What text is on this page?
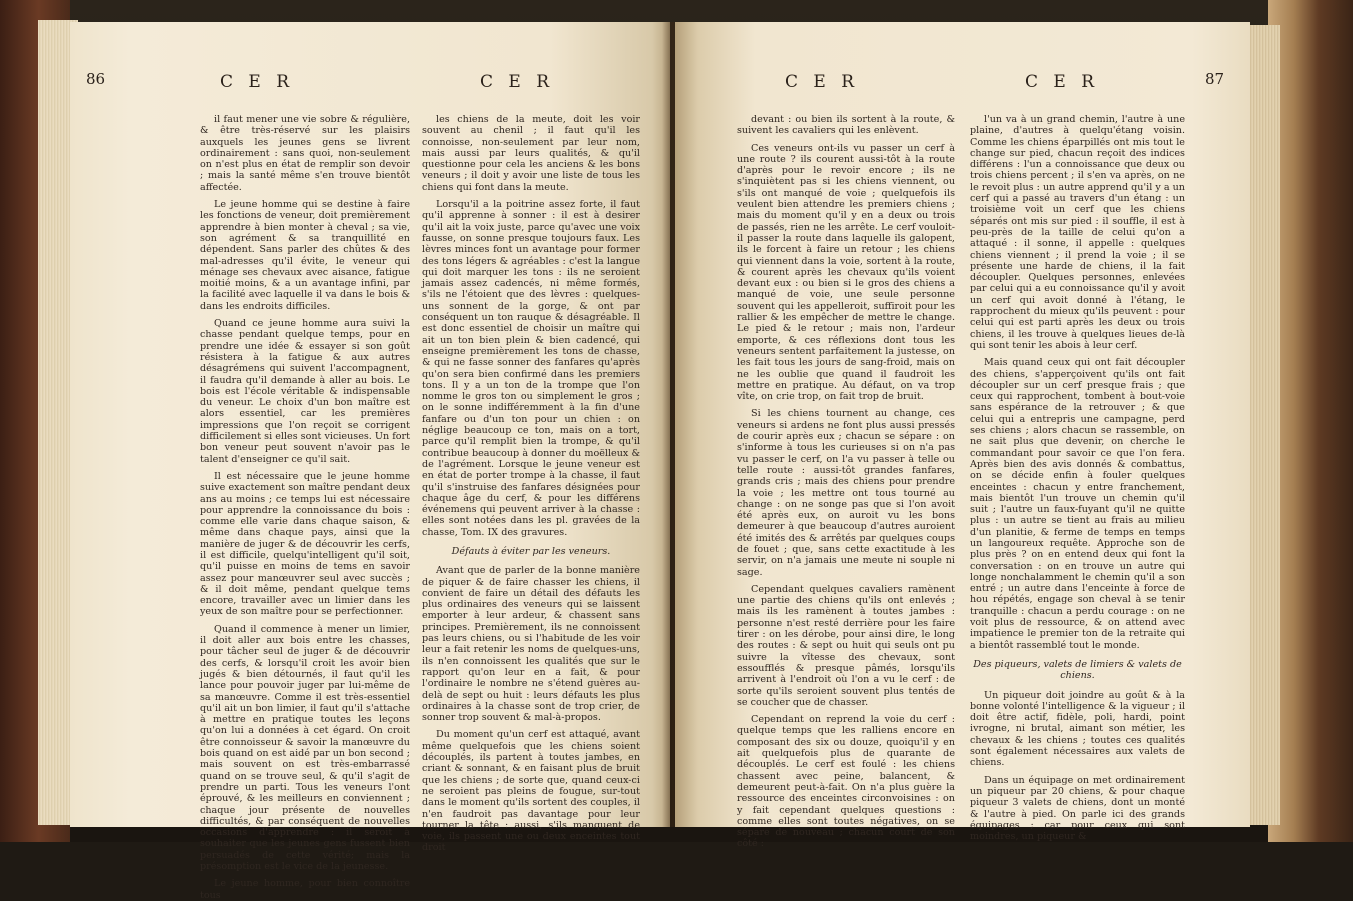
86	C E R	C E R

il faut mener une vie sobre & régulière, & être très-réservé sur les plaisirs auxquels les jeunes gens se livrent ordinairement : sans quoi, non-seulement on n'est plus en état de remplir son devoir ; mais la santé même s'en trouve bientôt affectée.

Le jeune homme qui se destine à faire les fonctions de veneur, doit premièrement apprendre à bien monter à cheval ; sa vie, son agrément & sa tranquillité en dépendent. Sans parler des chûtes & des mal-adresses qu'il évite, le veneur qui ménage ses chevaux avec aisance, fatigue moitié moins, & a un avantage infini, par la facilité avec laquelle il va dans le bois & dans les endroits difficiles.

Quand ce jeune homme aura suivi la chasse pendant quelque temps, pour en prendre une idée & essayer si son goût résistera à la fatigue & aux autres désagrémens qui suivent l'accompagnent, il faudra qu'il demande à aller au bois. Le bois est l'école véritable & indispensable du veneur. Le choix d'un bon maître est alors essentiel, car les premières impressions que l'on reçoit se corrigent difficilement si elles sont vicieuses. Un fort bon veneur peut souvent n'avoir pas le talent d'enseigner ce qu'il sait.

Il est nécessaire que le jeune homme suive exactement son maître pendant deux ans au moins ; ce temps lui est nécessaire pour apprendre la connoissance du bois : comme elle varie dans chaque saison, & même dans chaque pays, ainsi que la manière de juger & de découvrir les cerfs, il est difficile, quelqu'intelligent qu'il soit, qu'il puisse en moins de tems en savoir assez pour manœuvrer seul avec succès ; & il doit même, pendant quelque tems encore, travailler avec un limier dans les yeux de son maître pour se perfectionner.

Quand il commence à mener un limier, il doit aller aux bois entre les chasses, pour tâcher seul de juger & de découvrir des cerfs, & lorsqu'il croit les avoir bien jugés & bien détournés, il faut qu'il les lance pour pouvoir juger par lui-même de sa manœuvre. Comme il est très-essentiel qu'il ait un bon limier, il faut qu'il s'attache à mettre en pratique toutes les leçons qu'on lui a données à cet égard. On croit être connoisseur & savoir la manœuvre du bois quand on est aidé par un bon second ; mais souvent on est très-embarrassé quand on se trouve seul, & qu'il s'agit de prendre un parti. Tous les veneurs l'ont éprouvé, & les meilleurs en conviennent ; chaque jour présente de nouvelles difficultés, & par conséquent de nouvelles occasions d'apprendre : il seroit à souhaiter que les jeunes gens fussent bien persuadés de cette vérité; mais la présomption est le vice de la jeunesse.

Le jeune homme, pour bien connoître tous

les chiens de la meute, doit les voir souvent au chenil ; il faut qu'il les connoisse, non-seulement par leur nom, mais aussi par leurs qualités, & qu'il questionne pour cela les anciens & les bons veneurs ; il doit y avoir une liste de tous les chiens qui font dans la meute.

Lorsqu'il a la poitrine assez forte, il faut qu'il apprenne à sonner : il est à desirer qu'il ait la voix juste, parce qu'avec une voix fausse, on sonne presque toujours faux. Les lèvres minces font un avantage pour former des tons légers & agréables : c'est la langue qui doit marquer les tons : ils ne seroient jamais assez cadencés, ni même formés, s'ils ne l'étoient que des lèvres : quelques-uns sonnent de la gorge, & ont par conséquent un ton rauque & désagréable. Il est donc essentiel de choisir un maître qui ait un ton bien plein & bien cadencé, qui enseigne premièrement les tons de chasse, & qui ne fasse sonner des fanfares qu'après qu'on sera bien confirmé dans les premiers tons. Il y a un ton de la trompe que l'on nomme le gros ton ou simplement le gros ; on le sonne indifféremment à la fin d'une fanfare ou d'un ton pour un chien : on néglige beaucoup ce ton, mais on a tort, parce qu'il remplit bien la trompe, & qu'il contribue beaucoup à donner du moëlleux & de l'agrément. Lorsque le jeune veneur est en état de porter trompe à la chasse, il faut qu'il s'instruise des fanfares désignées pour chaque âge du cerf, & pour les différens événemens qui peuvent arriver à la chasse : elles sont notées dans les pl. gravées de la chasse, Tom. IX des gravures.

Défauts à éviter par les veneurs.

Avant que de parler de la bonne manière de piquer & de faire chasser les chiens, il convient de faire un détail des défauts les plus ordinaires des veneurs qui se laissent emporter à leur ardeur, & chassent sans principes. Premièrement, ils ne connoissent pas leurs chiens, ou si l'habitude de les voir leur a fait retenir les noms de quelques-uns, ils n'en connoissent les qualités que sur le rapport qu'on leur en a fait, & pour l'ordinaire le nombre ne s'étend guères au-delà de sept ou huit : leurs défauts les plus ordinaires à la chasse sont de trop crier, de sonner trop souvent & mal-à-propos.

Du moment qu'un cerf est attaqué, avant même quelquefois que les chiens soient découplés, ils partent à toutes jambes, en criant & sonnant, & en faisant plus de bruit que les chiens ; de sorte que, quand ceux-ci ne seroient pas pleins de fougue, sur-tout dans le moment qu'ils sortent des couples, il n'en faudroit pas davantage pour leur tourner la tête : aussi, s'ils manquent de voie, ils passent une ou deux enceintes tout droit

C E R	C E R	87

devant : ou bien ils sortent à la route, & suivent les cavaliers qui les enlèvent.

Ces veneurs ont-ils vu passer un cerf à une route ? ils courent aussi-tôt à la route d'après pour le revoir encore ; ils ne s'inquiètent pas si les chiens viennent, ou s'ils ont manqué de voie ; quelquefois ils veulent bien attendre les premiers chiens ; mais du moment qu'il y en a deux ou trois de passés, rien ne les arrête. Le cerf vouloit-il passer la route dans laquelle ils galopent, ils le forcent à faire un retour ; les chiens qui viennent dans la voie, sortent à la route, & courent après les chevaux qu'ils voient devant eux : ou bien si le gros des chiens a manqué de voie, une seule personne souvent qui les appelleroit, suffiroit pour les rallier & les empêcher de mettre le change. Le pied & le retour ; mais non, l'ardeur emporte, & ces réflexions dont tous les veneurs sentent parfaitement la justesse, on les fait tous les jours de sang-froid, mais on ne les oublie que quand il faudroit les mettre en pratique. Au défaut, on va trop vîte, on crie trop, on fait trop de bruit.

Si les chiens tournent au change, ces veneurs si ardens ne font plus aussi pressés de courir après eux ; chacun se sépare : on s'informe à tous les curieuses si on n'a pas vu passer le cerf, on l'a vu passer à telle ou telle route : aussi-tôt grandes fanfares, grands cris ; mais des chiens pour prendre la voie ; les mettre ont tous tourné au change : on ne songe pas que si l'on avoit été après eux, on auroit vu les bons demeurer à que beaucoup d'autres auroient été imités des & arrêtés par quelques coups de fouet ; que, sans cette exactitude à les servir, on n'a jamais une meute ni souple ni sage.

Cependant quelques cavaliers ramènent une partie des chiens qu'ils ont enlevés ; mais ils les ramènent à toutes jambes : personne n'est resté derrière pour les faire tirer : on les dérobe, pour ainsi dire, le long des routes : & sept ou huit qui seuls ont pu suivre la vîtesse des chevaux, sont essoufflés & presque pâmés, lorsqu'ils arrivent à l'endroit où l'on a vu le cerf : de sorte qu'ils seroient souvent plus tentés de se coucher que de chasser.

Cependant on reprend la voie du cerf : quelque temps que les ralliens encore en composant des six ou douze, quoiqu'il y en ait quelquefois plus de quarante de découplés. Le cerf est foulé : les chiens chassent avec peine, balancent, & demeurent peut-à-fait. On n'a plus guère la ressource des enceintes circonvoisines : on y fait cependant quelques questions : comme elles sont toutes négatives, on se sépare de nouveau ; chacun court de son côté :

l'un va à un grand chemin, l'autre à une plaine, d'autres à quelqu'étang voisin. Comme les chiens éparpillés ont mis tout le change sur pied, chacun reçoit des indices différens : l'un a connoissance que deux ou trois chiens percent ; il s'en va après, on ne le revoit plus : un autre apprend qu'il y a un cerf qui a passé au travers d'un étang : un troisième voit un cerf que les chiens séparés ont mis sur pied : il souffle, il est à peu-près de la taille de celui qu'on a attaqué : il sonne, il appelle : quelques chiens viennent ; il prend la voie ; il se présente une harde de chiens, il la fait découpler. Quelques personnes, enlevées par celui qui a eu connoissance qu'il y avoit un cerf qui avoit donné à l'étang, le rapprochent du mieux qu'ils peuvent : pour celui qui est parti après les deux ou trois chiens, il les trouve à quelques lieues de-là qui sont tenir les abois à leur cerf.

Mais quand ceux qui ont fait découpler des chiens, s'apperçoivent qu'ils ont fait découpler sur un cerf presque frais ; que ceux qui rapprochent, tombent à bout-voie sans espérance de la retrouver ; & que celui qui a entrepris une campagne, perd ses chiens ; alors chacun se rassemble, on ne sait plus que devenir, on cherche le commandant pour savoir ce que l'on fera. Après bien des avis donnés & combattus, on se décide enfin à fouler quelques enceintes : chacun y entre franchement, mais bientôt l'un trouve un chemin qu'il suit ; l'autre un faux-fuyant qu'il ne quitte plus : un autre se tient au frais au milieu d'un planitie, & ferme de temps en temps un langoureux requête. Approche son de plus près ? on en entend deux qui font la conversation : on en trouve un autre qui longe nonchalamment le chemin qu'il a son entré ; un autre dans l'enceinte à force de hou répétés, engage son cheval à se tenir tranquille : chacun a perdu courage : on ne voit plus de ressource, & on attend avec impatience le premier ton de la retraite qui a bientôt rassemblé tout le monde.

Des piqueurs, valets de limiers & valets de chiens.

Un piqueur doit joindre au goût & à la bonne volonté l'intelligence & la vigueur ; il doit être actif, fidèle, poli, hardi, point ivrogne, ni brutal, aimant son métier, les chevaux & les chiens ; toutes ces qualités sont également nécessaires aux valets de chiens.

Dans un équipage on met ordinairement un piqueur par 20 chiens, & pour chaque piqueur 3 valets de chiens, dont un monté & l'autre à pied. On parle ici des grands équipages ; car pour ceux qui sont moindres, un piqueur &
